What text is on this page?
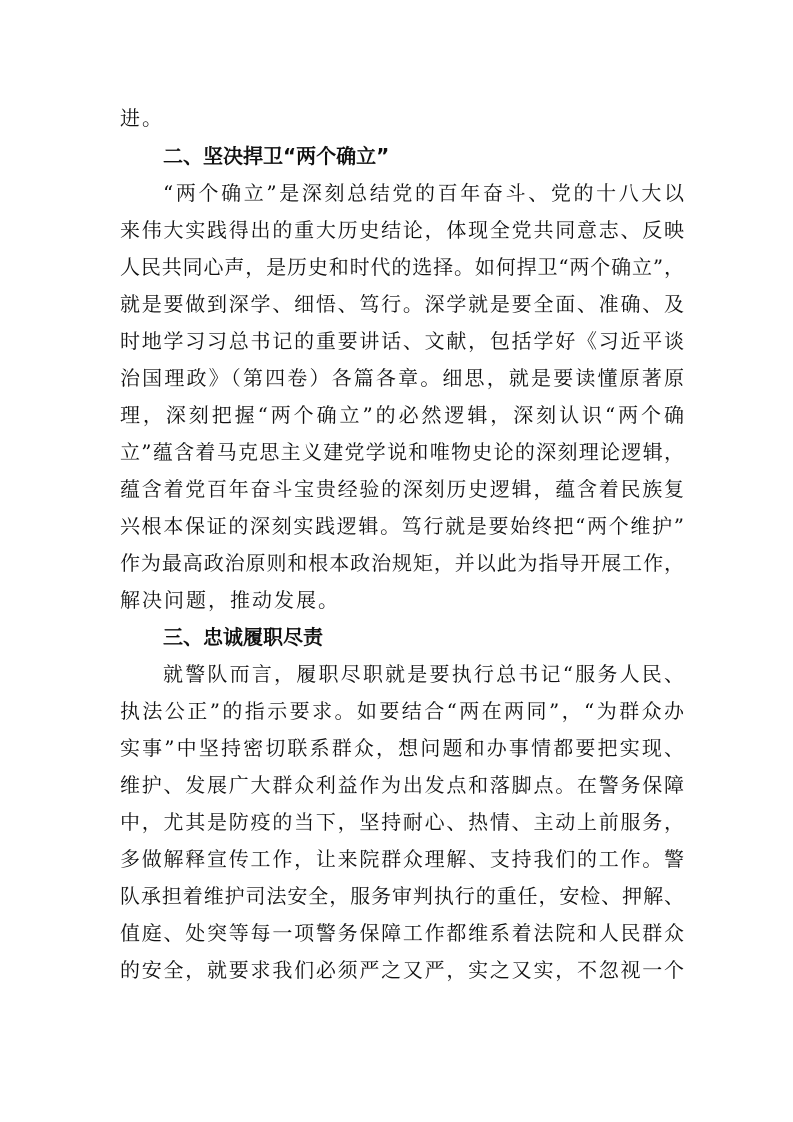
进。
二、坚决捍卫“两个确立”
“两个确立”是深刻总结党的百年奋斗、党的十八大以
来伟大实践得出的重大历史结论，体现全党共同意志、反映
人民共同心声，是历史和时代的选择。如何捍卫“两个确立”，
就是要做到深学、细悟、笃行。深学就是要全面、准确、及
时地学习习总书记的重要讲话、文献，包括学好《习近平谈
治国理政》（第四卷）各篇各章。细思，就是要读懂原著原
理，深刻把握“两个确立”的必然逻辑，深刻认识“两个确
立”蕴含着马克思主义建党学说和唯物史论的深刻理论逻辑，
蕴含着党百年奋斗宝贵经验的深刻历史逻辑，蕴含着民族复
兴根本保证的深刻实践逻辑。笃行就是要始终把“两个维护”
作为最高政治原则和根本政治规矩，并以此为指导开展工作，
解决问题，推动发展。
三、忠诚履职尽责
就警队而言，履职尽职就是要执行总书记“服务人民、
执法公正”的指示要求。如要结合“两在两同”，“为群众办
实事”中坚持密切联系群众，想问题和办事情都要把实现、
维护、发展广大群众利益作为出发点和落脚点。在警务保障
中，尤其是防疫的当下，坚持耐心、热情、主动上前服务，
多做解释宣传工作，让来院群众理解、支持我们的工作。警
队承担着维护司法安全，服务审判执行的重任，安检、押解、
值庭、处突等每一项警务保障工作都维系着法院和人民群众
的安全，就要求我们必须严之又严，实之又实，不忽视一个
